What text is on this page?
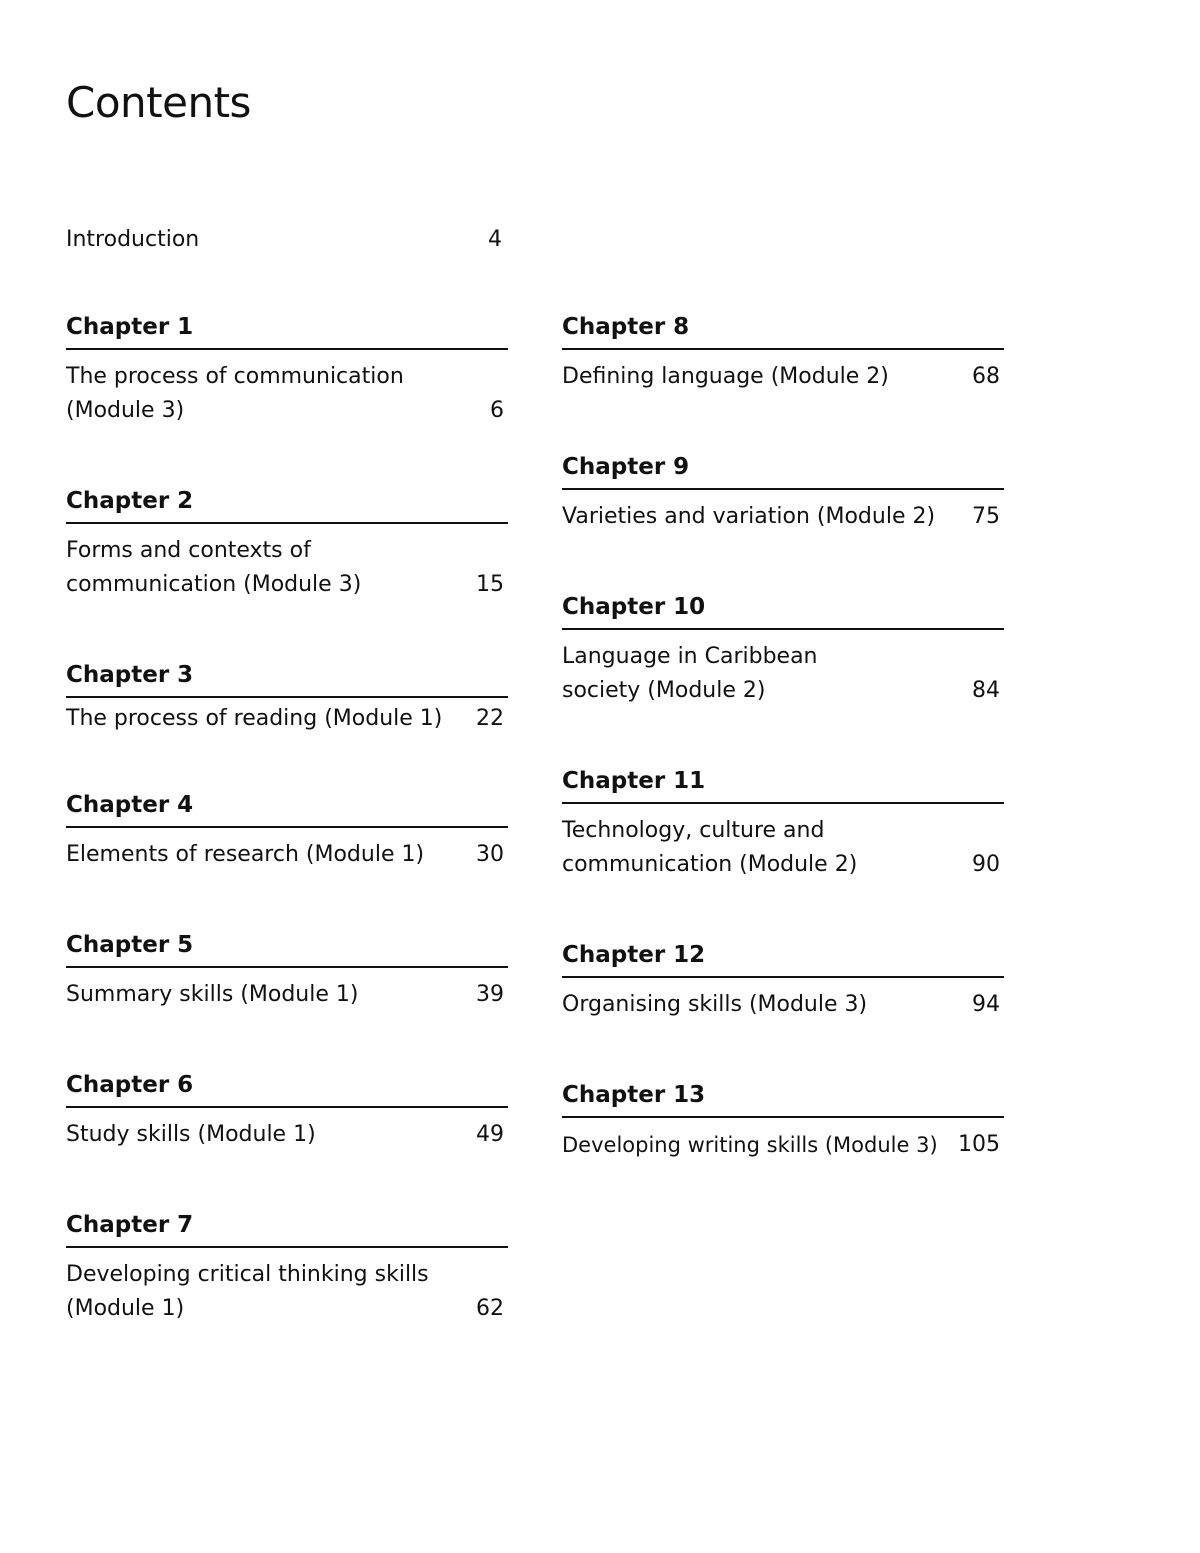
Contents
Introduction	4
Chapter 1
The process of communication (Module 3)	6
Chapter 2
Forms and contexts of communication (Module 3)	15
Chapter 3
The process of reading (Module 1)	22
Chapter 4
Elements of research (Module 1)	30
Chapter 5
Summary skills (Module 1)	39
Chapter 6
Study skills (Module 1)	49
Chapter 7
Developing critical thinking skills (Module 1)	62
Chapter 8
Defining language (Module 2)	68
Chapter 9
Varieties and variation (Module 2)	75
Chapter 10
Language in Caribbean society (Module 2)	84
Chapter 11
Technology, culture and communication (Module 2)	90
Chapter 12
Organising skills (Module 3)	94
Chapter 13
Developing writing skills (Module 3) 105
